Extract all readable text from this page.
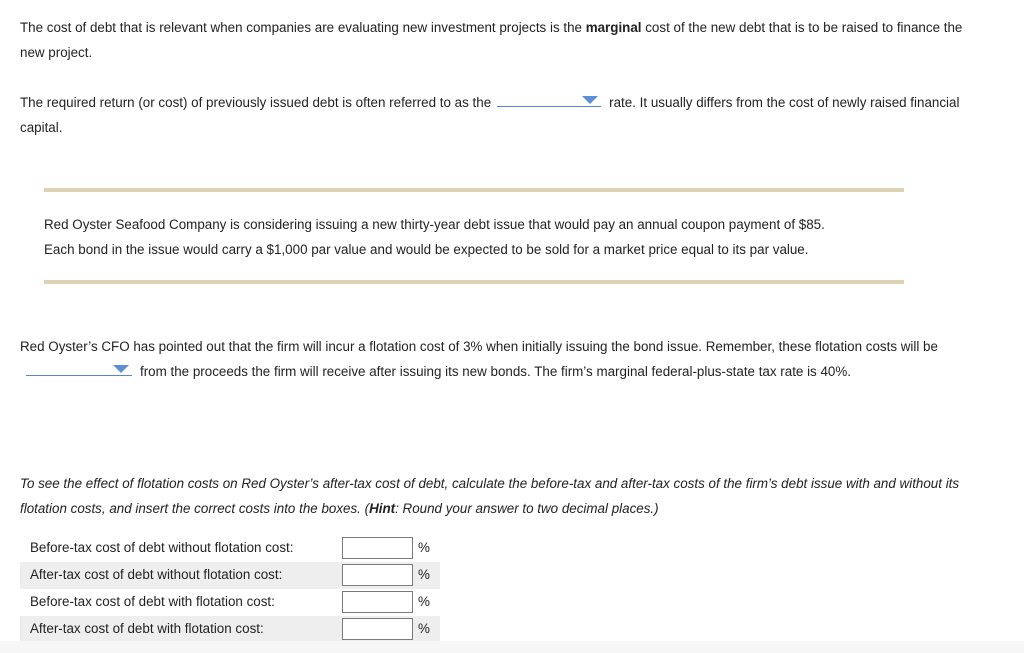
The cost of debt that is relevant when companies are evaluating new investment projects is the marginal cost of the new debt that is to be raised to finance the new project.
The required return (or cost) of previously issued debt is often referred to as the	rate. It usually differs from the cost of newly raised financial capital.
Red Oyster Seafood Company is considering issuing a new thirty-year debt issue that would pay an annual coupon payment of $85.
Each bond in the issue would carry a $1,000 par value and would be expected to be sold for a market price equal to its par value.
Red Oyster’s CFO has pointed out that the firm will incur a flotation cost of 3% when initially issuing the bond issue. Remember, these flotation costs will be
from the proceeds the firm will receive after issuing its new bonds. The firm’s marginal federal-plus-state tax rate is 40%.
To see the effect of flotation costs on Red Oyster’s after-tax cost of debt, calculate the before-tax and after-tax costs of the firm’s debt issue with and without its flotation costs, and insert the correct costs into the boxes. (Hint: Round your answer to two decimal places.)
Before-tax cost of debt without flotation cost:	%
After-tax cost of debt without flotation cost:	%
Before-tax cost of debt with flotation cost:	%
After-tax cost of debt with flotation cost:	%
